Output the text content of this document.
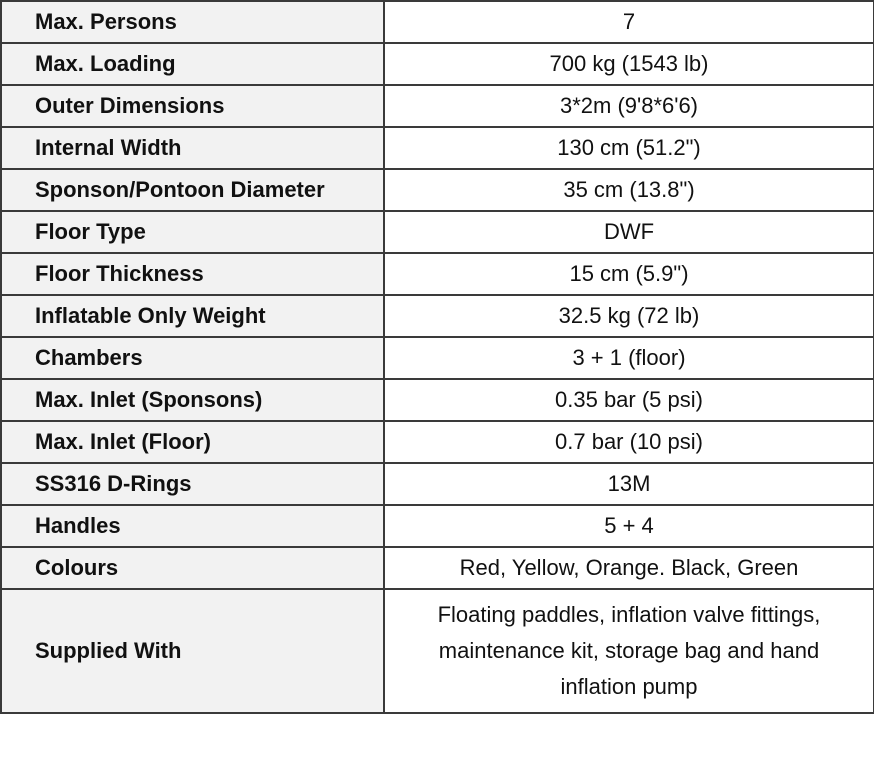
Max. Persons	7
Max. Loading	700 kg (1543 lb)
Outer Dimensions	3*2m (9'8*6'6)
Internal Width	130 cm (51.2")
Sponson/Pontoon Diameter	35 cm (13.8")
Floor Type	DWF
Floor Thickness	15 cm (5.9")
Inflatable Only Weight	32.5 kg (72 lb)
Chambers	3 + 1 (floor)
Max. Inlet (Sponsons)	0.35 bar (5 psi)
Max. Inlet (Floor)	0.7 bar (10 psi)
SS316 D-Rings	13M
Handles	5 + 4
Colours	Red, Yellow, Orange. Black, Green
Supplied With	Floating paddles, inflation valve fittings,
maintenance kit, storage bag and hand
inflation pump
